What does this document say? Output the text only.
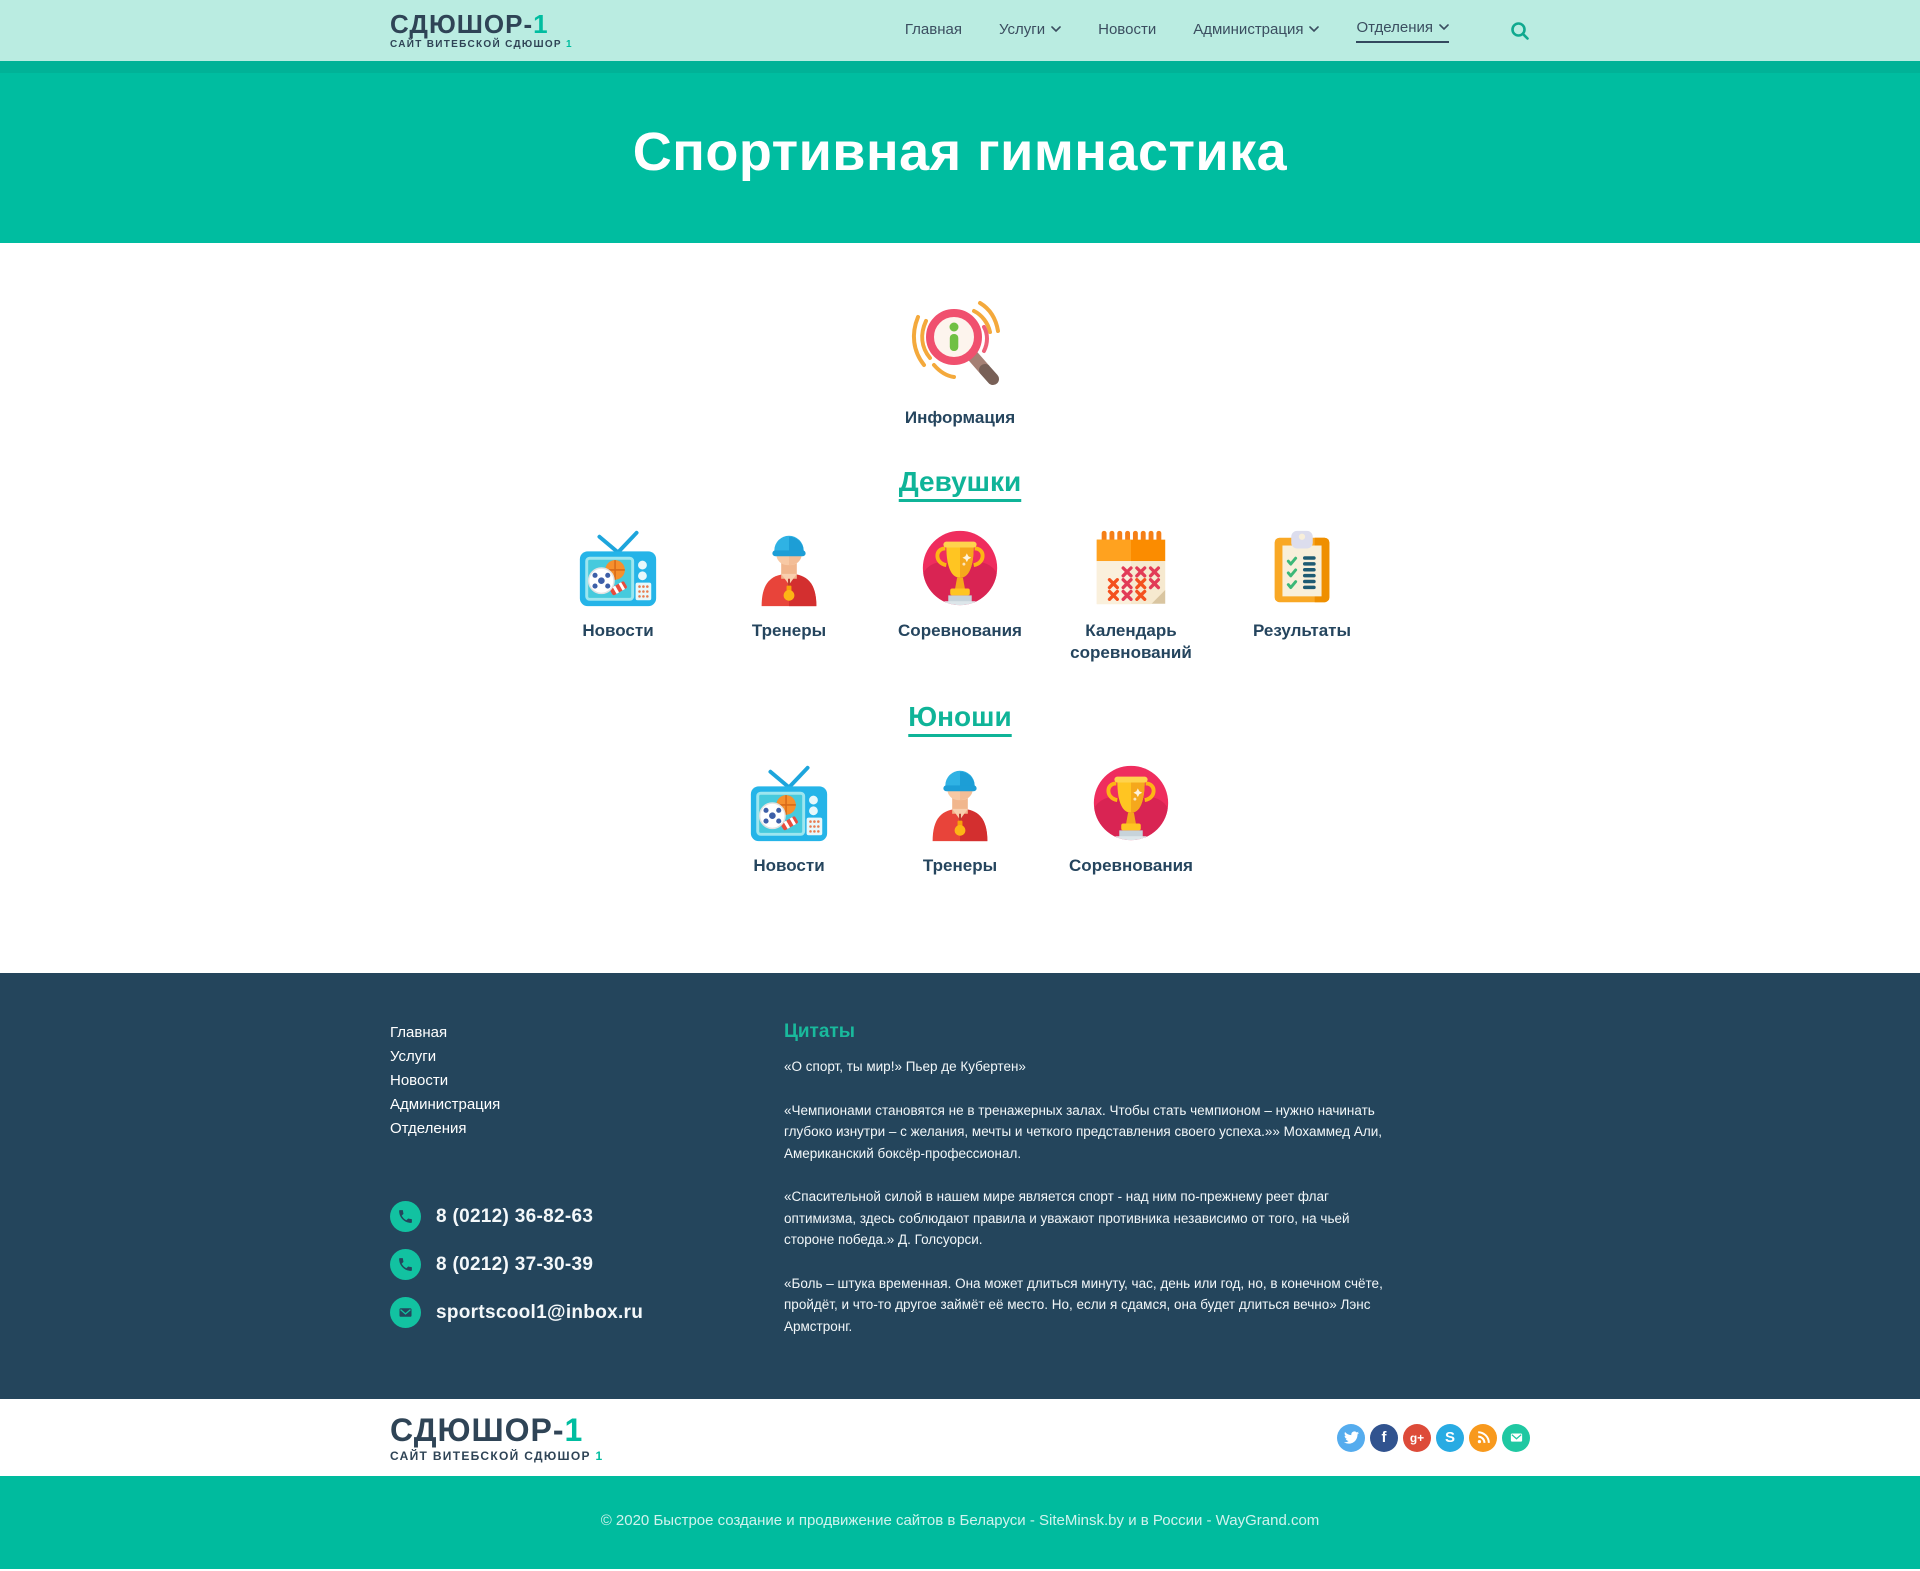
СДЮШОР-1
САЙТ ВИТЕБСКОЙ СДЮШОР 1
Главная Услуги	Новости Администрация	Отделения
Спортивная гимнастика
Информация
Девушки
Новости	Тренеры	Соревнования	Календарь соревнований
Результаты
Юноши
Новости	Тренеры	Соревнования
Главная
Услуги
Новости
Администрация
Отделения
8 (0212) 36-82-63
8 (0212) 37-30-39
sportscool1@inbox.ru
Цитаты

«О спорт, ты мир!» Пьер де Кубертен»

«Чемпионами становятся не в тренажерных залах. Чтобы стать чемпионом – нужно начинать глубоко изнутри – с желания, мечты и четкого представления своего успеха.»» Мохаммед Али, Американский боксёр-профессионал.

«Спасительной силой в нашем мире является спорт - над ним по-прежнему реет флаг оптимизма, здесь соблюдают правила и уважают противника независимо от того, на чьей стороне победа.» Д. Голсуорси.

«Боль – штука временная. Она может длиться минуту, час, день или год, но, в конечном счёте, пройдёт, и что-то другое займёт её место. Но, если я сдамся, она будет длиться вечно» Лэнс Армстронг.

СДЮШОР-1
САЙТ ВИТЕБСКОЙ СДЮШОР 1
f g+ S
© 2020 Быстрое создание и продвижение сайтов в Беларуси - SiteMinsk.by и в России - WayGrand.com
